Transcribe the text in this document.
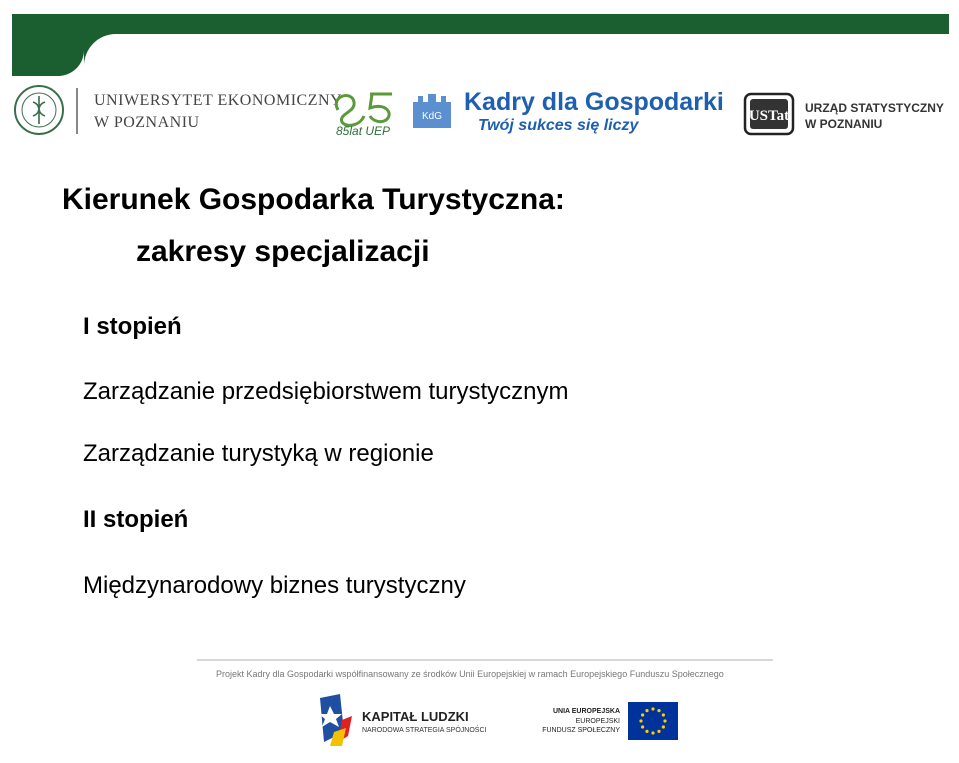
UNIWERSYTET EKONOMICZNY
W POZNANIU	85lat UEP
KdG
Kadry dla Gospodarki
Twój sukces się liczy
USTat URZĄD STATYSTYCZNY
W POZNANIU
Kierunek Gospodarka Turystyczna:
zakresy specjalizacji
I stopień
Zarządzanie przedsiębiorstwem turystycznym
Zarządzanie turystyką w regionie
II stopień
Międzynarodowy biznes turystyczny
Projekt Kadry dla Gospodarki współfinansowany ze środków Unii Europejskiej w ramach Europejskiego Funduszu Społecznego
KAPITAŁ LUDZKI
NARODOWA STRATEGIA SPÓJNOŚCI
UNIA EUROPEJSKA
EUROPEJSKI
FUNDUSZ SPOŁECZNY
